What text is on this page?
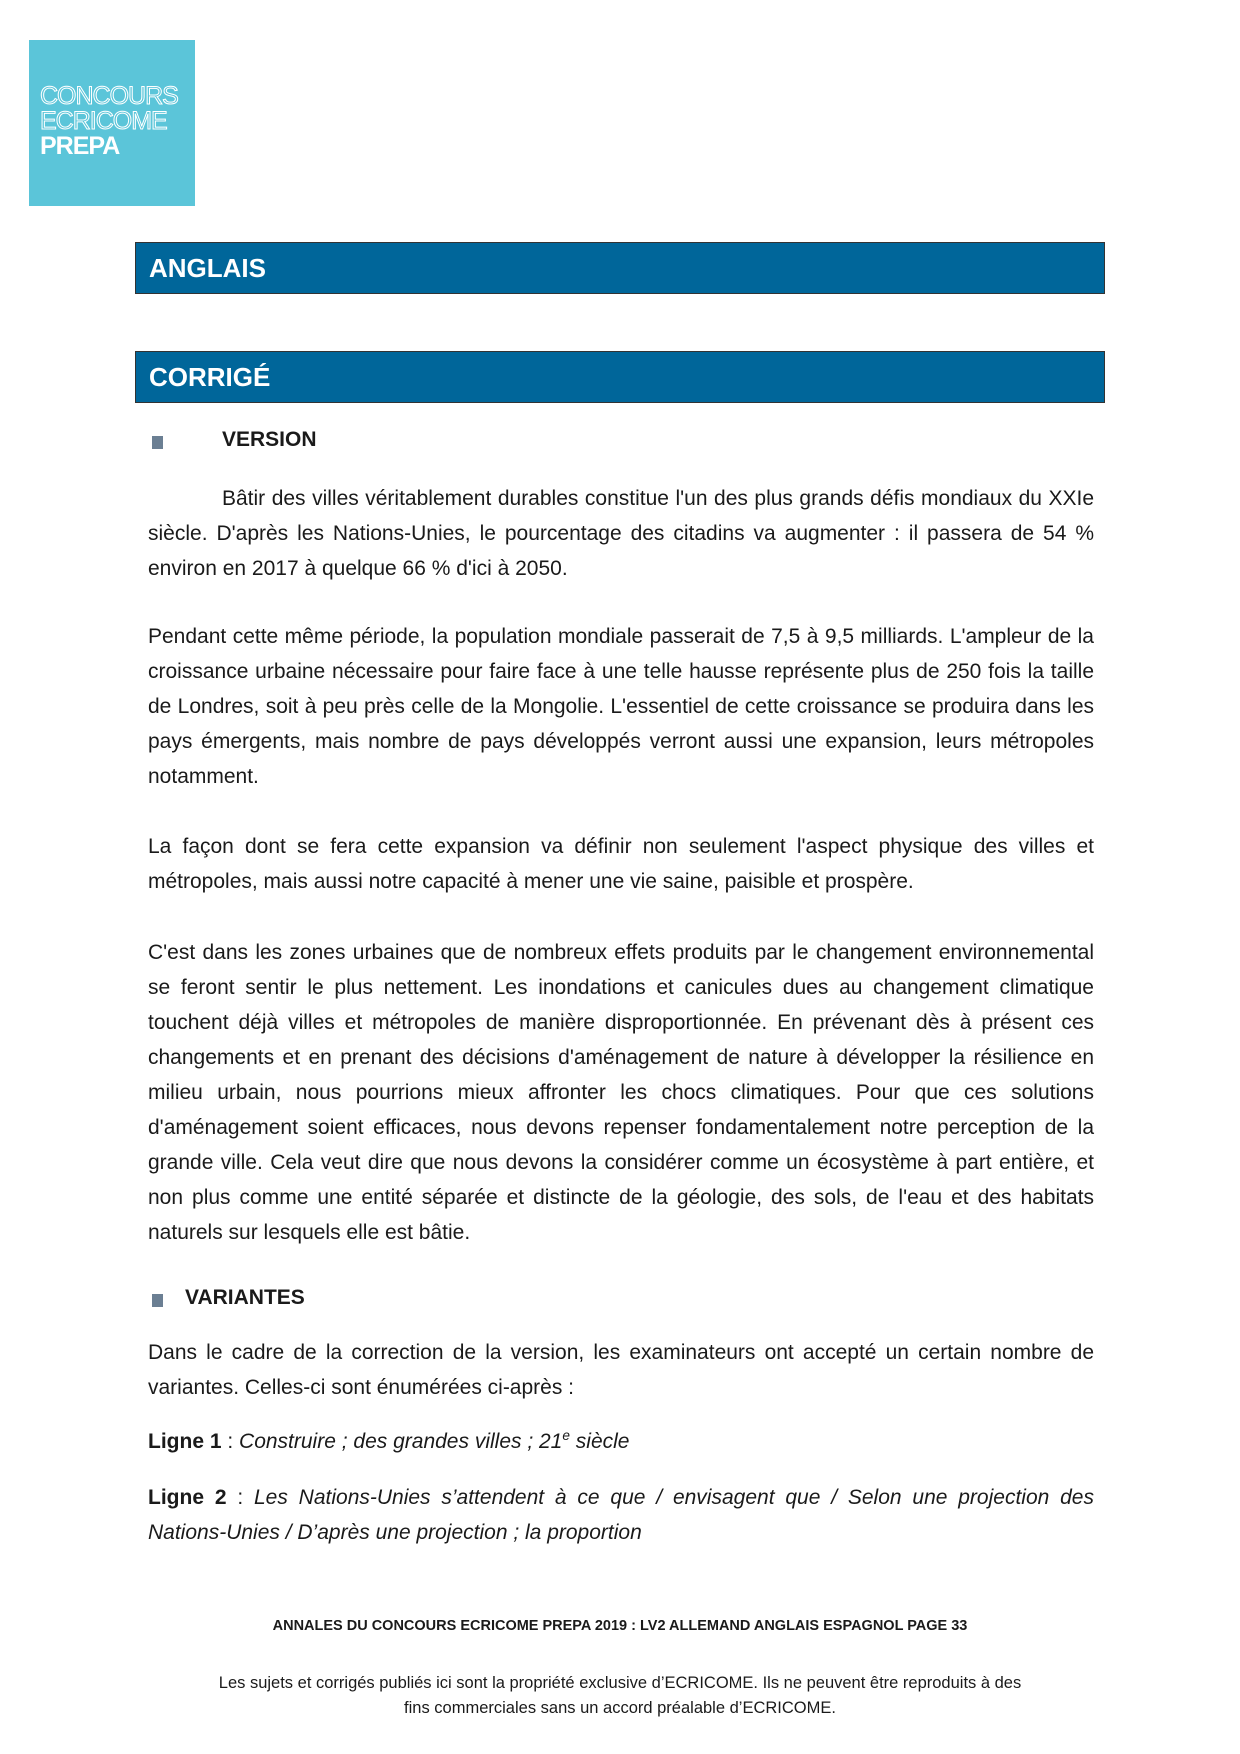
CONCOURS
ECRICOME
PREPA
ANGLAIS
CORRIGÉ
VERSION

Bâtir des villes véritablement durables constitue l'un des plus grands défis mondiaux du XXIe siècle. D'après les Nations-Unies, le pourcentage des citadins va augmenter : il passera de 54 % environ en 2017 à quelque 66 % d'ici à 2050.

Pendant cette même période, la population mondiale passerait de 7,5 à 9,5 milliards. L'ampleur de la croissance urbaine nécessaire pour faire face à une telle hausse représente plus de 250 fois la taille de Londres, soit à peu près celle de la Mongolie. L'essentiel de cette croissance se produira dans les pays émergents, mais nombre de pays développés verront aussi une expansion, leurs métropoles notamment.

La façon dont se fera cette expansion va définir non seulement l'aspect physique des villes et métropoles, mais aussi notre capacité à mener une vie saine, paisible et prospère.

C'est dans les zones urbaines que de nombreux effets produits par le changement environnemental se feront sentir le plus nettement. Les inondations et canicules dues au changement climatique touchent déjà villes et métropoles de manière disproportionnée. En prévenant dès à présent ces changements et en prenant des décisions d'aménagement de nature à développer la résilience en milieu urbain, nous pourrions mieux affronter les chocs climatiques. Pour que ces solutions d'aménagement soient efficaces, nous devons repenser fondamentalement notre perception de la grande ville. Cela veut dire que nous devons la considérer comme un écosystème à part entière, et non plus comme une entité séparée et distincte de la géologie, des sols, de l'eau et des habitats naturels sur lesquels elle est bâtie.

VARIANTES

Dans le cadre de la correction de la version, les examinateurs ont accepté un certain nombre de variantes. Celles-ci sont énumérées ci-après :

Ligne 1 : Construire ; des grandes villes ; 21e siècle

Ligne 2 : Les Nations-Unies s’attendent à ce que / envisagent que / Selon une projection des Nations-Unies / D’après une projection ; la proportion

ANNALES DU CONCOURS ECRICOME PREPA 2019 : LV2 ALLEMAND ANGLAIS ESPAGNOL PAGE 33
Les sujets et corrigés publiés ici sont la propriété exclusive d’ECRICOME. Ils ne peuvent être reproduits à des
fins commerciales sans un accord préalable d’ECRICOME.
